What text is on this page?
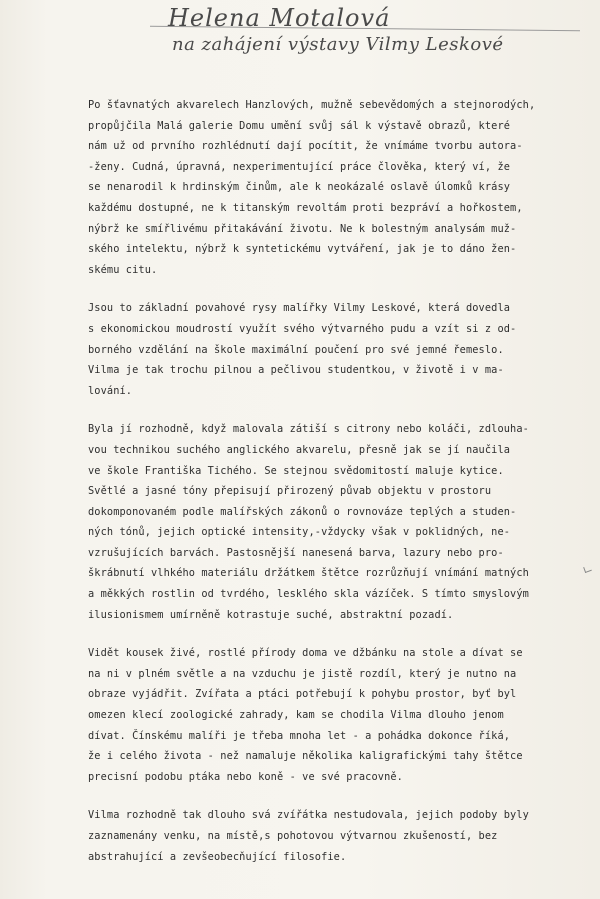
Helena Motalová
na zahájení výstavy Vilmy Leskové
Po šťavnatých akvarelech Hanzlových, mužně sebevědomých a stejnorodých,
propůjčila Malá galerie Domu umění svůj sál k výstavě obrazů, které
nám už od prvního rozhlédnutí dají pocítit, že vnímáme tvorbu autora-
-ženy. Cudná, úpravná, nexperimentující práce člověka, který ví, že
se nenarodil k hrdinským činům, ale k neokázalé oslavě úlomků krásy
každému dostupné, ne k titanským revoltám proti bezpráví a hořkostem,
nýbrž ke smířlivému přitakávání životu. Ne k bolestným analysám muž-
ského intelektu, nýbrž k syntetickému vytváření, jak je to dáno žen-
skému citu.
Jsou to základní povahové rysy malířky Vilmy Leskové, která dovedla
s ekonomickou moudrostí využít svého výtvarného pudu a vzít si z od-
borného vzdělání na škole maximální poučení pro své jemné řemeslo.
Vilma je tak trochu pilnou a pečlivou studentkou, v životě i v ma-
lování.
Byla jí rozhodně, když malovala zátiší s citrony nebo koláči, zdlouha-
vou technikou suchého anglického akvarelu, přesně jak se jí naučila
ve škole Františka Tichého. Se stejnou svědomitostí maluje kytice.
Světlé a jasné tóny přepisují přirozený půvab objektu v prostoru
dokomponovaném podle malířských zákonů o rovnováze teplých a studen-
ných tónů, jejich optické intensity,-vždycky však v poklidných, ne-
vzrušujících barvách. Pastosnější nanesená barva, lazury nebo pro-
škrábnutí vlhkého materiálu držátkem štětce rozrůzňují vnímání matných
a měkkých rostlin od tvrdého, lesklého skla vázíček. S tímto smyslovým
ilusionismem umírněně kotrastuje suché, abstraktní pozadí.
Vidět kousek živé, rostlé přírody doma ve džbánku na stole a dívat se
na ni v plném světle a na vzduchu je jistě rozdíl, který je nutno na
obraze vyjádřit. Zvířata a ptáci potřebují k pohybu prostor, byť byl
omezen klecí zoologické zahrady, kam se chodila Vilma dlouho jenom
dívat. Čínskému malíři je třeba mnoha let - a pohádka dokonce říká,
že i celého života - než namaluje několika kaligrafickými tahy štětce
precisní podobu ptáka nebo koně - ve své pracovně.
Vilma rozhodně tak dlouho svá zvířátka nestudovala, jejich podoby byly
zaznamenány venku, na místě,s pohotovou výtvarnou zkušeností, bez
abstrahující a zevšeobecňující filosofie.
